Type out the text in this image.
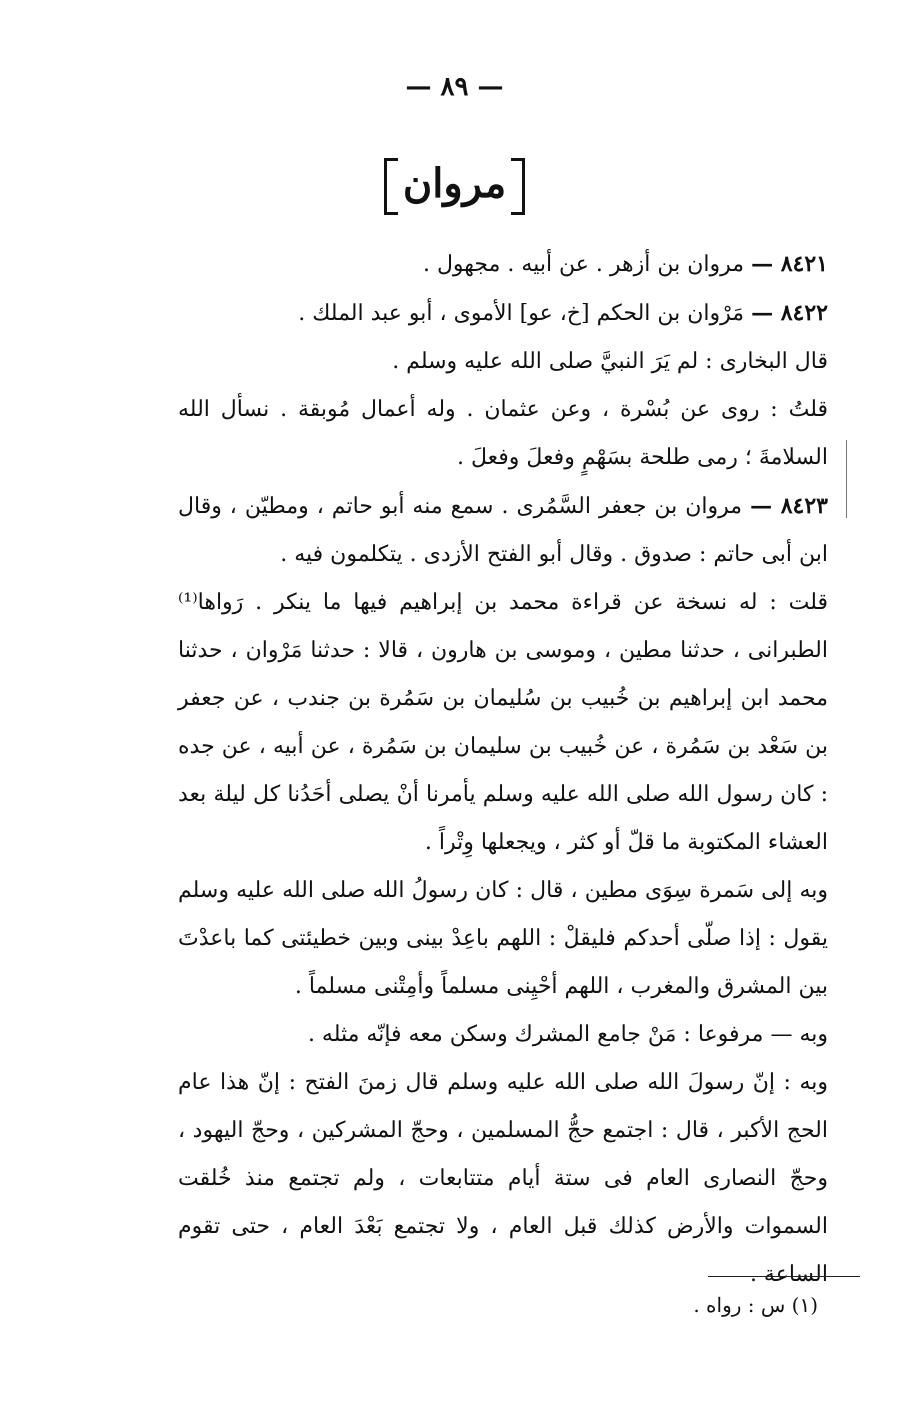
— ٨٩ —
مروان

٨٤٢١ — مروان بن أزهر . عن أبيه . مجهول .

٨٤٢٢ — مَرْوان بن الحكم [خ، عو] الأموى ، أبو عبد الملك .

قال البخارى : لم يَرَ النبيَّ صلى الله عليه وسلم .

قلتُ : روى عن بُسْرة ، وعن عثمان . وله أعمال مُوبقة . نسأل الله السلامةَ ؛ رمى طلحة بسَهْمٍ وفعلَ وفعلَ .

٨٤٢٣ — مروان بن جعفر السَّمُرى . سمع منه أبو حاتم ، ومطيّن ، وقال ابن أبى حاتم : صدوق . وقال أبو الفتح الأزدى . يتكلمون فيه .

قلت : له نسخة عن قراءة محمد بن إبراهيم فيها ما ينكر . رَواها⁽¹⁾ الطبرانى ، حدثنا مطين ، وموسى بن هارون ، قالا : حدثنا مَرْوان ، حدثنا محمد ابن إبراهيم بن خُبيب بن سُليمان بن سَمُرة بن جندب ، عن جعفر بن سَعْد بن سَمُرة ، عن خُبيب بن سليمان بن سَمُرة ، عن أبيه ، عن جده : كان رسول الله صلى الله عليه وسلم يأمرنا أنْ يصلى أحَدُنا كل ليلة بعد العشاء المكتوبة ما قلّ أو كثر ، ويجعلها وِتْراً .

وبه إلى سَمرة سِوَى مطين ، قال : كان رسولُ الله صلى الله عليه وسلم يقول : إذا صلّى أحدكم فليقلْ : اللهم باعِدْ بينى وبين خطيئتى كما باعدْتَ بين المشرق والمغرب ، اللهم أحْيِنى مسلماً وأمِتْنى مسلماً .

وبه — مرفوعا : مَنْ جامع المشرك وسكن معه فإنّه مثله .

وبه : إنّ رسولَ الله صلى الله عليه وسلم قال زمنَ الفتح : إنّ هذا عام الحج الأكبر ، قال : اجتمع حجُّ المسلمين ، وحجّ المشركين ، وحجّ اليهود ، وحجّ النصارى العام فى ستة أيام متتابعات ، ولم تجتمع منذ خُلقت السموات والأرض كذلك قبل العام ، ولا تجتمع بَعْدَ العام ، حتى تقوم الساعة .

(١) س : رواه .
